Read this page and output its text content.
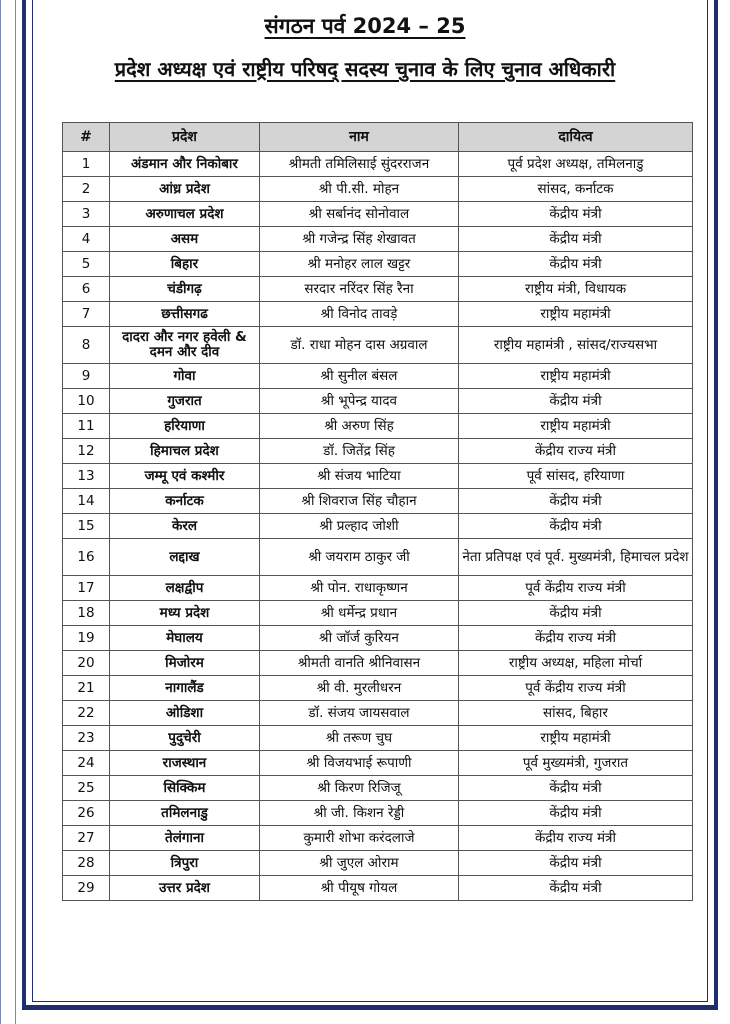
संगठन पर्व 2024 – 25
प्रदेश अध्यक्ष एवं राष्ट्रीय परिषद् सदस्य चुनाव के लिए चुनाव अधिकारी
#	प्रदेश	नाम	दायित्व
1	अंडमान और निकोबार	श्रीमती तमिलिसाई सुंदरराजन	पूर्व प्रदेश अध्यक्ष, तमिलनाडु
2	आंध्र प्रदेश	श्री पी.सी. मोहन	सांसद, कर्नाटक
3	अरुणाचल प्रदेश	श्री सर्बानंद सोनोवाल	केंद्रीय मंत्री
4	असम	श्री गजेन्द्र सिंह शेखावत	केंद्रीय मंत्री
5	बिहार	श्री मनोहर लाल खट्टर	केंद्रीय मंत्री
6	चंडीगढ़	सरदार नरिंदर सिंह रैना	राष्ट्रीय मंत्री, विधायक
7	छत्तीसगढ	श्री विनोद तावड़े	राष्ट्रीय महामंत्री
8	दादरा और नगर हवेली & दमन और दीव	डॉ. राधा मोहन दास अग्रवाल	राष्ट्रीय महामंत्री , सांसद/राज्यसभा
9	गोवा	श्री सुनील बंसल	राष्ट्रीय महामंत्री
10	गुजरात	श्री भूपेन्द्र यादव	केंद्रीय मंत्री
11	हरियाणा	श्री अरुण सिंह	राष्ट्रीय महामंत्री
12	हिमाचल प्रदेश	डॉ. जितेंद्र सिंह	केंद्रीय राज्य मंत्री
13	जम्मू एवं कश्मीर	श्री संजय भाटिया	पूर्व सांसद, हरियाणा
14	कर्नाटक	श्री शिवराज सिंह चौहान	केंद्रीय मंत्री
15	केरल	श्री प्रल्हाद जोशी	केंद्रीय मंत्री
16	लद्दाख	श्री जयराम ठाकुर जी	नेता प्रतिपक्ष एवं पूर्व. मुख्यमंत्री, हिमाचल प्रदेश
17	लक्षद्वीप	श्री पोन. राधाकृष्णन	पूर्व केंद्रीय राज्य मंत्री
18	मध्य प्रदेश	श्री धर्मेन्द्र प्रधान	केंद्रीय मंत्री
19	मेघालय	श्री जॉर्ज कुरियन	केंद्रीय राज्य मंत्री
20	मिजोरम	श्रीमती वानति श्रीनिवासन	राष्ट्रीय अध्यक्ष, महिला मोर्चा
21	नागालैंड	श्री वी. मुरलीधरन	पूर्व केंद्रीय राज्य मंत्री
22	ओडिशा	डॉ. संजय जायसवाल	सांसद, बिहार
23	पुदुचेरी	श्री तरूण चुघ	राष्ट्रीय महामंत्री
24	राजस्थान	श्री विजयभाई रूपाणी	पूर्व मुख्यमंत्री, गुजरात
25	सिक्किम	श्री किरण रिजिजू	केंद्रीय मंत्री
26	तमिलनाडु	श्री जी. किशन रेड्डी	केंद्रीय मंत्री
27	तेलंगाना	कुमारी शोभा करंदलाजे	केंद्रीय राज्य मंत्री
28	त्रिपुरा	श्री जुएल ओराम	केंद्रीय मंत्री
29	उत्तर प्रदेश	श्री पीयूष गोयल	केंद्रीय मंत्री
